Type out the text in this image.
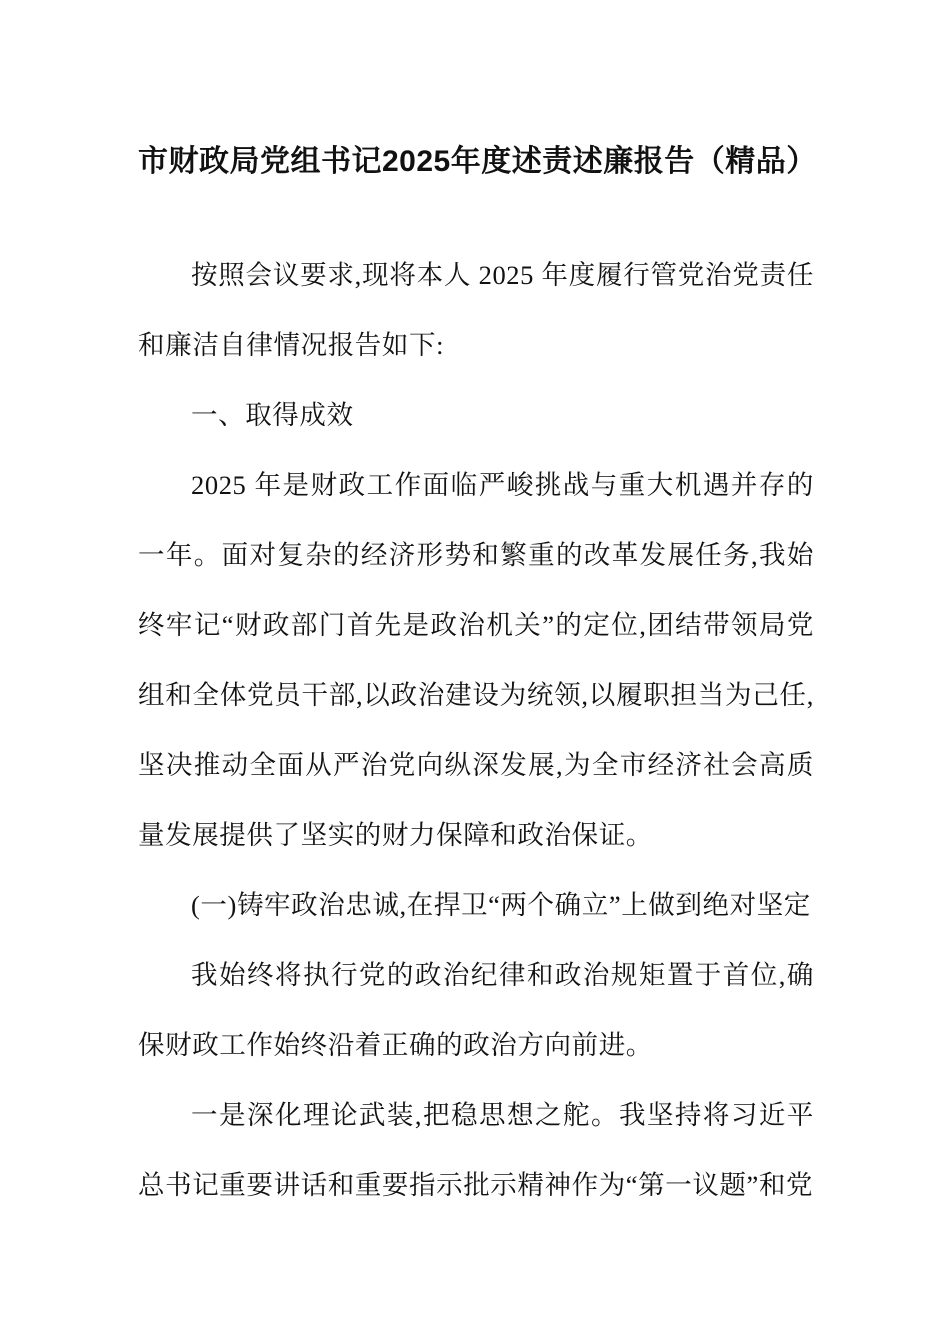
市财政局党组书记2025年度述责述廉报告（精品）

按照会议要求,现将本人 2025 年度履行管党治党责任和廉洁自律情况报告如下:

一、取得成效

2025 年是财政工作面临严峻挑战与重大机遇并存的一年。面对复杂的经济形势和繁重的改革发展任务,我始终牢记“财政部门首先是政治机关”的定位,团结带领局党组和全体党员干部,以政治建设为统领,以履职担当为己任,坚决推动全面从严治党向纵深发展,为全市经济社会高质量发展提供了坚实的财力保障和政治保证。

(一)铸牢政治忠诚,在捍卫“两个确立”上做到绝对坚定

我始终将执行党的政治纪律和政治规矩置于首位,确保财政工作始终沿着正确的政治方向前进。

一是深化理论武装,把稳思想之舵。我坚持将习近平总书记重要讲话和重要指示批示精神作为“第一议题”和党
